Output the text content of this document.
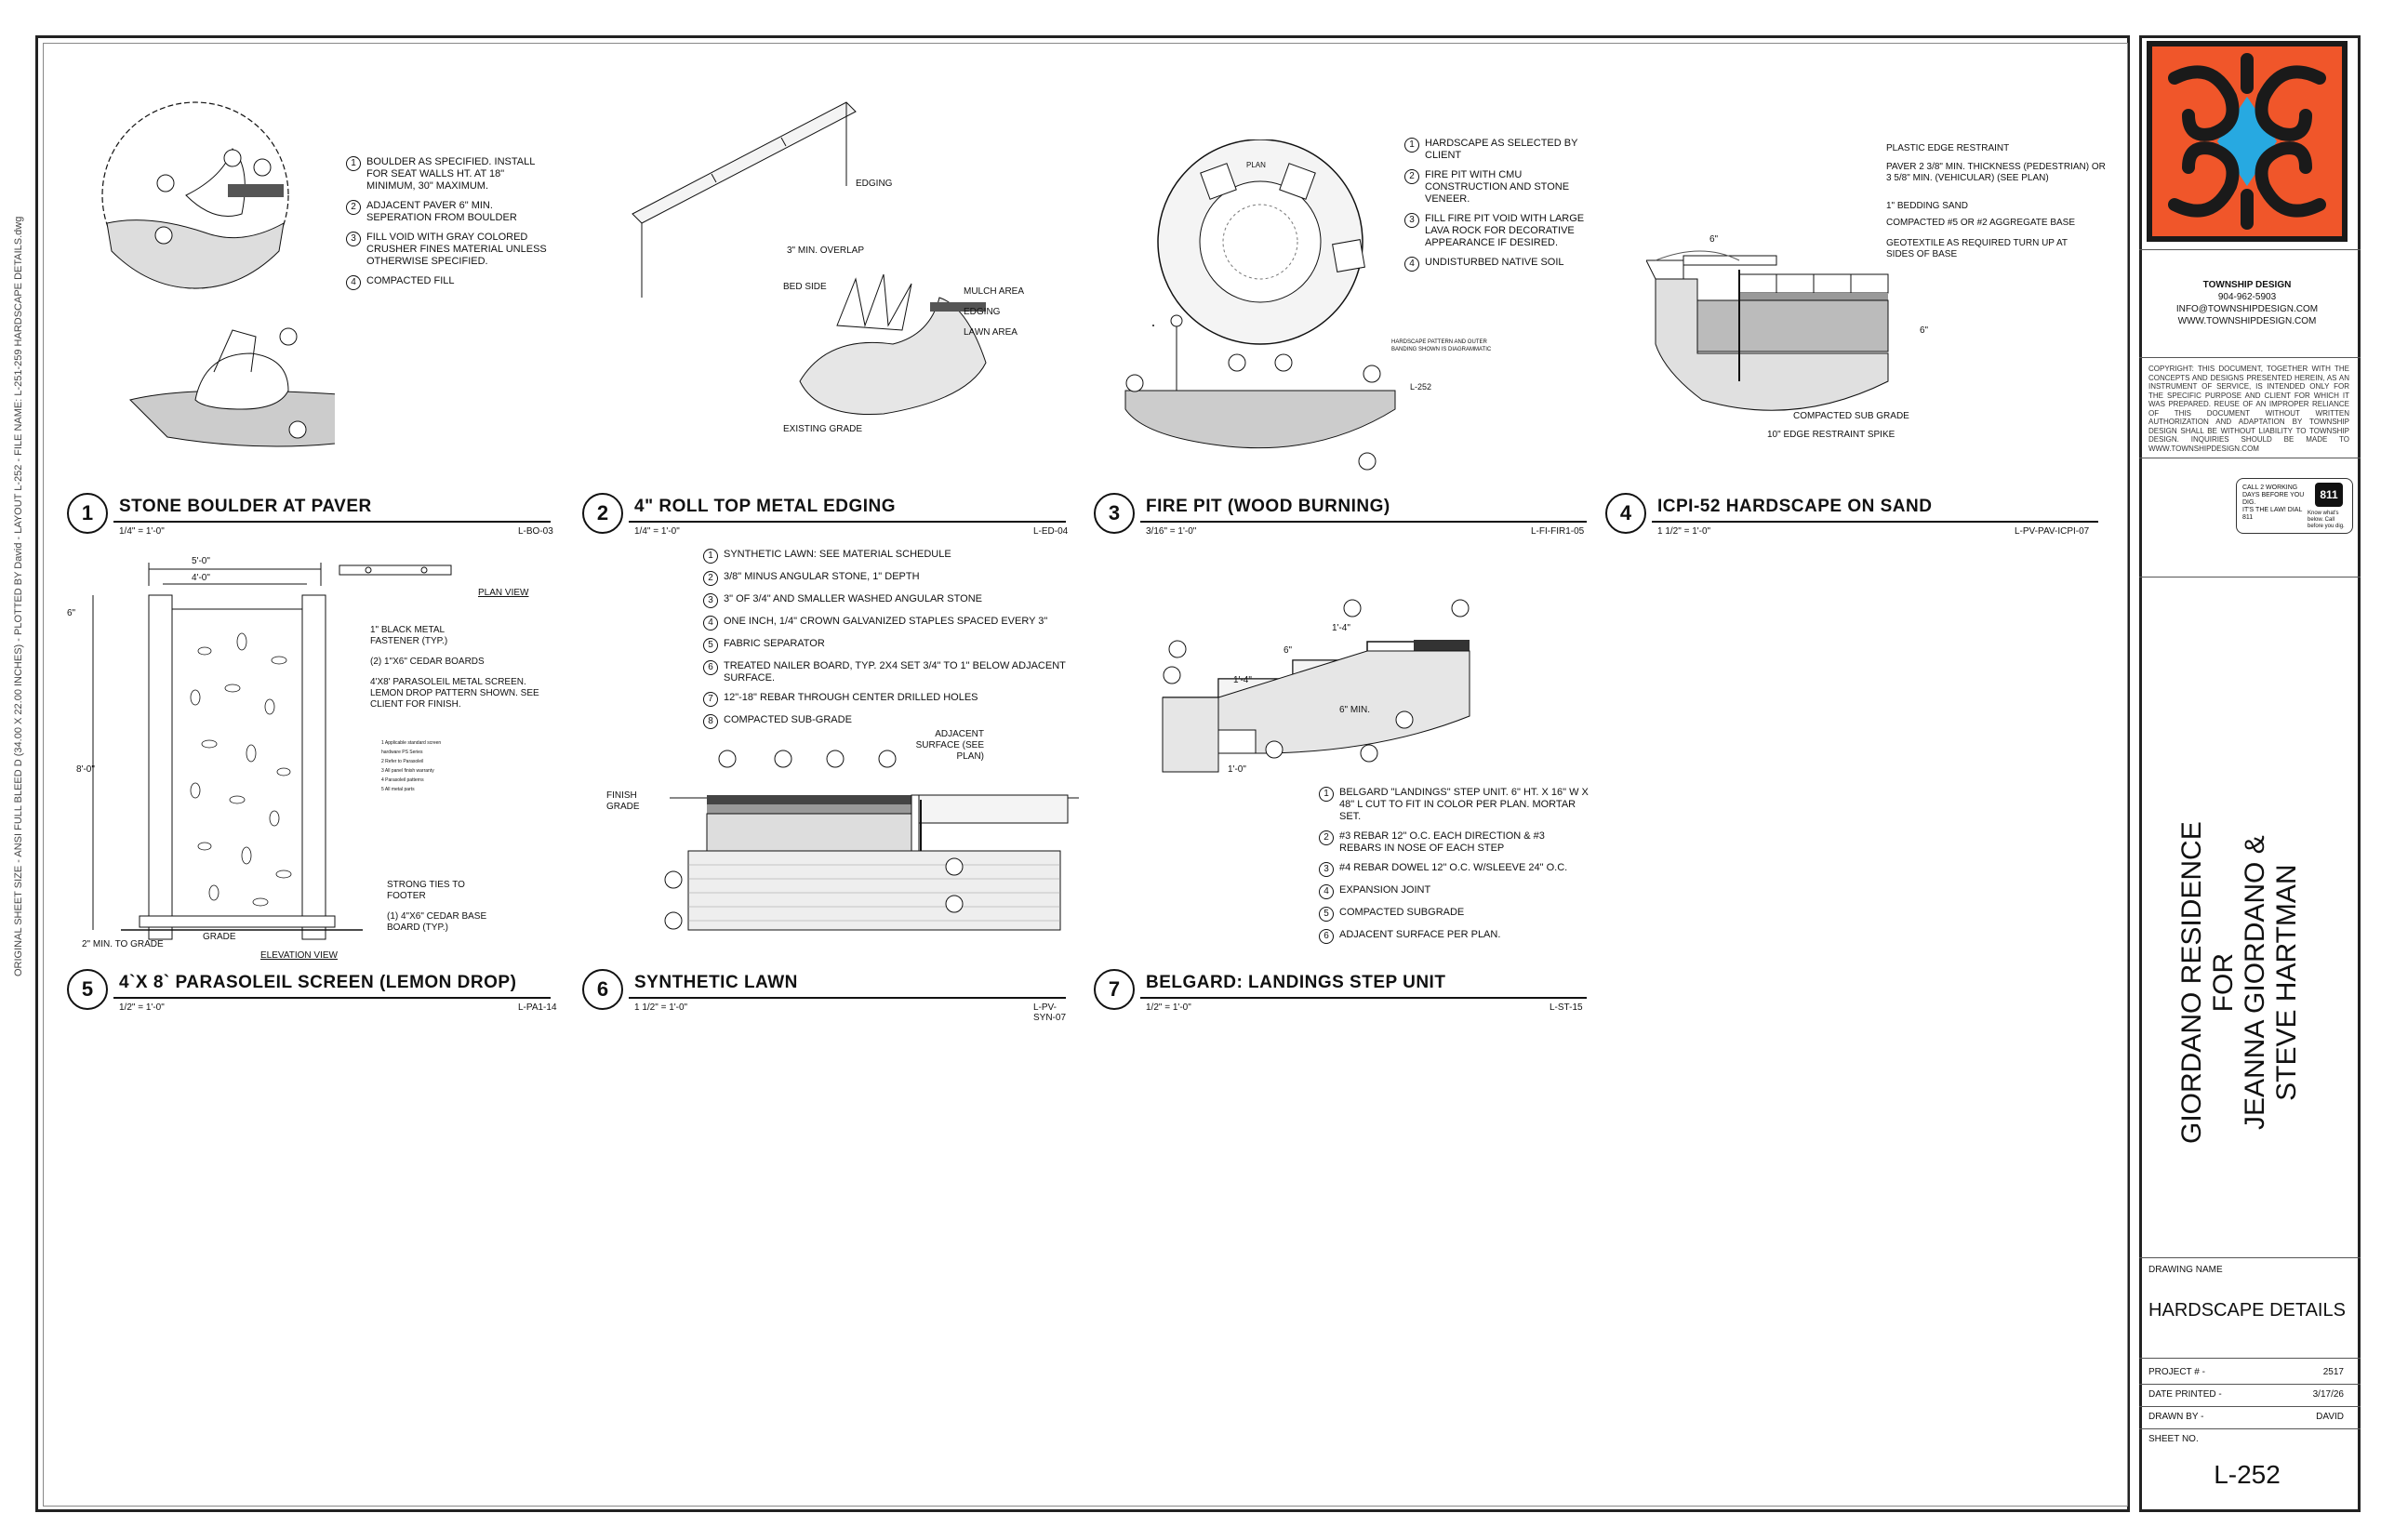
ORIGINAL SHEET SIZE - ANSI FULL BLEED D (34.00 X 22.00 INCHES) - PLOTTED BY David - LAYOUT L-252 - FILE NAME: L-251-259 HARDSCAPE DETAILS.dwg
1	BOULDER AS SPECIFIED. INSTALL FOR SEAT WALLS HT. AT 18" MINIMUM, 30" MAXIMUM.
2	ADJACENT PAVER 6" MIN. SEPERATION FROM BOULDER
3	FILL VOID WITH GRAY COLORED CRUSHER FINES MATERIAL UNLESS OTHERWISE SPECIFIED.
4	COMPACTED FILL
1	STONE BOULDER AT PAVER
1/4" = 1'-0"	L-BO-03
EDGING
3" MIN. OVERLAP
BED SIDE	MULCH AREA
EDGING
LAWN AREA
EXISTING GRADE
2	4" ROLL TOP METAL EDGING
1/4" = 1'-0"	L-ED-04
PLAN
HARDSCAPE PATTERN AND OUTER BANDING SHOWN IS DIAGRAMMATIC
L-252
1	HARDSCAPE AS SELECTED BY CLIENT
2	FIRE PIT WITH CMU CONSTRUCTION AND STONE VENEER.
3	FILL FIRE PIT VOID WITH LARGE LAVA ROCK FOR DECORATIVE APPEARANCE IF DESIRED.
4	UNDISTURBED NATIVE SOIL
3	FIRE PIT (WOOD BURNING)
3/16" = 1'-0"	L-FI-FIR1-05
6"
6"
PLASTIC EDGE RESTRAINT
PAVER 2 3/8" MIN. THICKNESS (PEDESTRIAN) OR 3 5/8" MIN. (VEHICULAR) (SEE PLAN)
1" BEDDING SAND
COMPACTED #5 OR #2 AGGREGATE BASE
GEOTEXTILE AS REQUIRED TURN UP AT SIDES OF BASE
COMPACTED SUB GRADE
10" EDGE RESTRAINT SPIKE
4	ICPI-52 HARDSCAPE ON SAND
1 1/2" = 1'-0"	L-PV-PAV-ICPI-07
1 Applicable standard screen
hardware PS Series
2 Refer to Parasoleil
3 All panel finish warranty
4 Parasoleil patterns
5 All metal parts
5'-0"
4'-0"
8'-0"
6"
PLAN VIEW
1" BLACK METAL FASTENER (TYP.)
(2) 1"X6" CEDAR BOARDS
4'X8' PARASOLEIL METAL SCREEN. LEMON DROP PATTERN SHOWN. SEE CLIENT FOR FINISH.
STRONG TIES TO FOOTER
(1) 4"X6" CEDAR BASE BOARD (TYP.)
GRADE
2" MIN. TO GRADE
ELEVATION VIEW
5	4`X 8` PARASOLEIL SCREEN (LEMON DROP)
1/2" = 1'-0"	L-PA1-14
1	SYNTHETIC LAWN: SEE MATERIAL SCHEDULE
2	3/8" MINUS ANGULAR STONE, 1" DEPTH
3	3" OF 3/4" AND SMALLER WASHED ANGULAR STONE
4	ONE INCH, 1/4" CROWN GALVANIZED STAPLES SPACED EVERY 3"
5	FABRIC SEPARATOR
6	TREATED NAILER BOARD, TYP. 2X4 SET 3/4" TO 1" BELOW ADJACENT SURFACE.
7	12"-18" REBAR THROUGH CENTER DRILLED HOLES
8	COMPACTED SUB-GRADE
ADJACENT SURFACE (SEE PLAN)
FINISH GRADE
6	SYNTHETIC LAWN
1 1/2" = 1'-0"	L-PV-SYN-07
1'-4"
6"
1'-4"
6" MIN.
1'-0"
1	BELGARD "LANDINGS" STEP UNIT. 6" HT. X 16" W X 48" L CUT TO FIT IN COLOR PER PLAN. MORTAR SET.
2	#3 REBAR 12" O.C. EACH DIRECTION & #3 REBARS IN NOSE OF EACH STEP
3	#4 REBAR DOWEL 12" O.C. W/SLEEVE 24" O.C.
4	EXPANSION JOINT
5	COMPACTED SUBGRADE
6	ADJACENT SURFACE PER PLAN.
7	BELGARD: LANDINGS STEP UNIT
1/2" = 1'-0"	L-ST-15
TOWNSHIP DESIGN
904-962-5903
INFO@TOWNSHIPDESIGN.COM
WWW.TOWNSHIPDESIGN.COM
COPYRIGHT: THIS DOCUMENT, TOGETHER WITH THE CONCEPTS AND DESIGNS PRESENTED HEREIN, AS AN INSTRUMENT OF SERVICE, IS INTENDED ONLY FOR THE SPECIFIC PURPOSE AND CLIENT FOR WHICH IT WAS PREPARED. REUSE OF AN IMPROPER RELIANCE OF THIS DOCUMENT WITHOUT WRITTEN AUTHORIZATION AND ADAPTATION BY TOWNSHIP DESIGN SHALL BE WITHOUT LIABILITY TO TOWNSHIP DESIGN. INQUIRIES SHOULD BE MADE TO WWW.TOWNSHIPDESIGN.COM
CALL 2 WORKING DAYS BEFORE YOU DIG.
IT'S THE LAW! DIAL 811
811
Know what's below. Call before you dig.
GIORDANO RESIDENCE FOR JEANNA GIORDANO & STEVE HARTMAN
DRAWING NAME
HARDSCAPE DETAILS
PROJECT # -	2517
DATE PRINTED -	3/17/26
DRAWN BY -	DAVID
SHEET NO.
L-252
